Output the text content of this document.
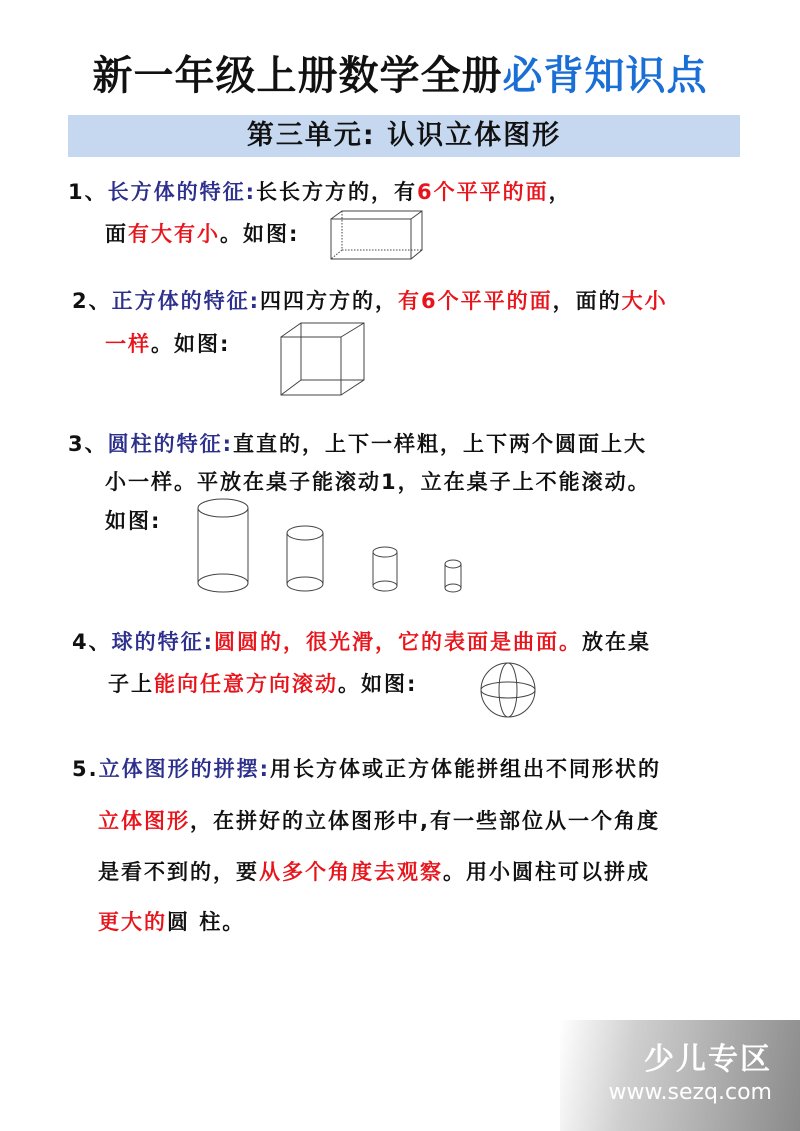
新一年级上册数学全册必背知识点
第三单元: 认识立体图形
1、长方体的特征:长长方方的，有6个平平的面，
面有大有小。如图:
2、正方体的特征:四四方方的，有6个平平的面，面的大小
一样。如图:
3、圆柱的特征:直直的，上下一样粗，上下两个圆面上大
小一样。平放在桌子能滚动1，立在桌子上不能滚动。
如图:
4、球的特征:圆圆的，很光滑，它的表面是曲面。放在桌
子上能向任意方向滚动。如图:
5.立体图形的拼摆:用长方体或正方体能拼组出不同形状的
立体图形，在拼好的立体图形中,有一些部位从一个角度
是看不到的，要从多个角度去观察。用小圆柱可以拼成
更大的圆 柱。
少儿专区
www.sezq.com
